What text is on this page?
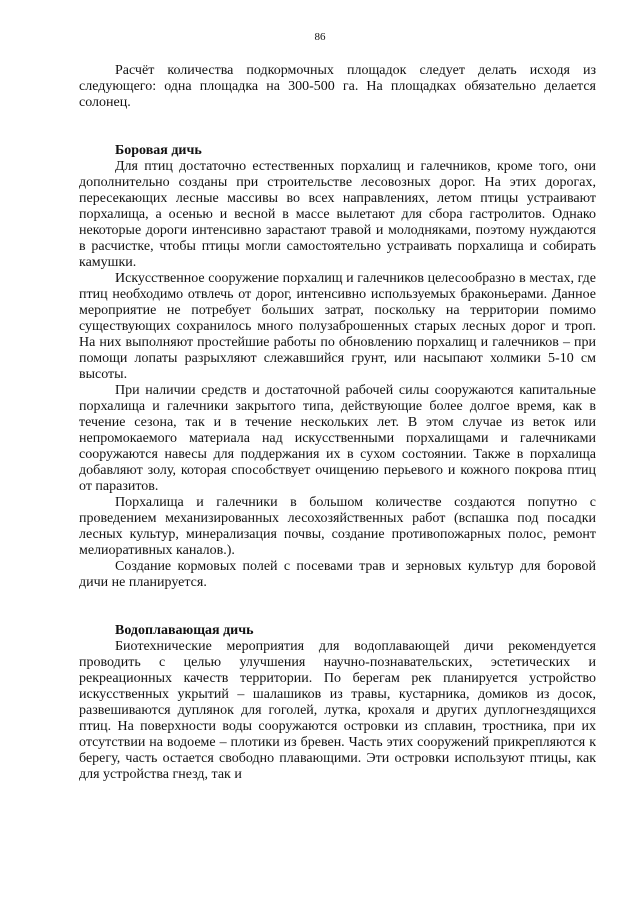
86

Расчёт количества подкормочных площадок следует делать исходя из следующего: одна площадка на 300-500 га. На площадках обязательно делается солонец.

Боровая дичь

Для птиц достаточно естественных порхалищ и галечников, кроме того, они дополнительно созданы при строительстве лесовозных дорог. На этих дорогах, пересекающих лесные массивы во всех направлениях, летом птицы устраивают порхалища, а осенью и весной в массе вылетают для сбора гастролитов. Однако некоторые дороги интенсивно зарастают травой и молодняками, поэтому нуждаются в расчистке, чтобы птицы могли самостоятельно устраивать порхалища и собирать камушки.

Искусственное сооружение порхалищ и галечников целесообразно в местах, где птиц необходимо отвлечь от дорог, интенсивно используемых браконьерами. Данное мероприятие не потребует больших затрат, поскольку на территории помимо существующих сохранилось много полузаброшенных старых лесных дорог и троп. На них выполняют простейшие работы по обновлению порхалищ и галечников – при помощи лопаты разрыхляют слежавшийся грунт, или насыпают холмики 5-10 см высоты.

При наличии средств и достаточной рабочей силы сооружаются капитальные порхалища и галечники закрытого типа, действующие более долгое время, как в течение сезона, так и в течение нескольких лет. В этом случае из веток или непромокаемого материала над искусственными порхалищами и галечниками сооружаются навесы для поддержания их в сухом состоянии. Также в порхалища добавляют золу, которая способствует очищению перьевого и кожного покрова птиц от паразитов.

Порхалища и галечники в большом количестве создаются попутно с проведением механизированных лесохозяйственных работ (вспашка под посадки лесных культур, минерализация почвы, создание противопожарных полос, ремонт мелиоративных каналов.).

Создание кормовых полей с посевами трав и зерновых культур для боровой дичи не планируется.

Водоплавающая дичь

Биотехнические мероприятия для водоплавающей дичи рекомендуется проводить с целью улучшения научно-познавательских, эстетических и рекреационных качеств территории. По берегам рек планируется устройство искусственных укрытий – шалашиков из травы, кустарника, домиков из досок, развешиваются дуплянок для гоголей, лутка, крохаля и других дуплогнездящихся птиц. На поверхности воды сооружаются островки из сплавин, тростника, при их отсутствии на водоеме – плотики из бревен. Часть этих сооружений прикрепляются к берегу, часть остается свободно плавающими. Эти островки используют птицы, как для устройства гнезд, так и
